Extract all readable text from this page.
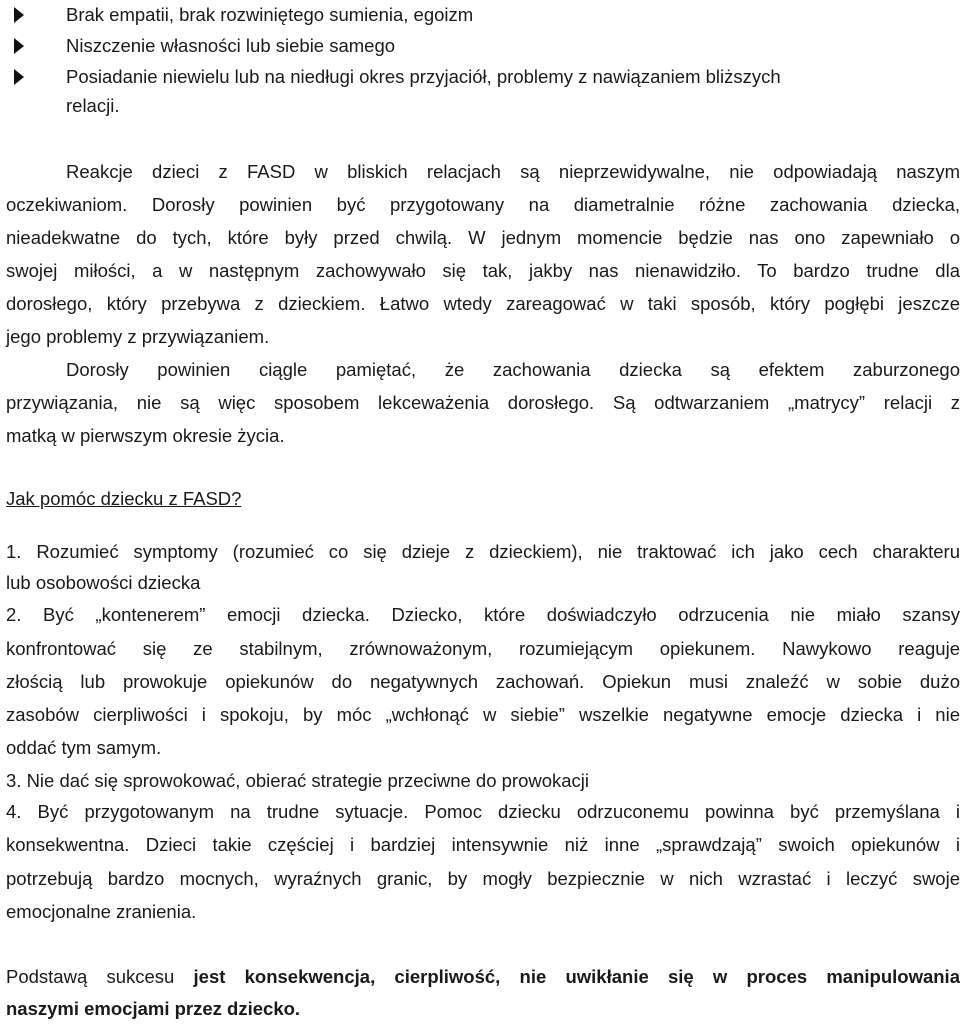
Brak empatii, brak rozwiniętego sumienia, egoizm
Niszczenie własności lub siebie samego
Posiadanie niewielu lub na niedługi okres przyjaciół, problemy z nawiązaniem bliższych
relacji.
Reakcje dzieci z FASD w bliskich relacjach są nieprzewidywalne, nie odpowiadają naszym
oczekiwaniom. Dorosły powinien być przygotowany na diametralnie różne zachowania dziecka,
nieadekwatne do tych, które były przed chwilą. W jednym momencie będzie nas ono zapewniało o
swojej miłości, a w następnym zachowywało się tak, jakby nas nienawidziło. To bardzo trudne dla
dorosłego, który przebywa z dzieckiem. Łatwo wtedy zareagować w taki sposób, który pogłębi jeszcze
jego problemy z przywiązaniem.
Dorosły powinien ciągle pamiętać, że zachowania dziecka są efektem zaburzonego
przywiązania, nie są więc sposobem lekceważenia dorosłego. Są odtwarzaniem „matrycy” relacji z
matką w pierwszym okresie życia.
Jak pomóc dziecku z FASD?
1. Rozumieć symptomy (rozumieć co się dzieje z dzieckiem), nie traktować ich jako cech charakteru
lub osobowości dziecka
2. Być „kontenerem” emocji dziecka. Dziecko, które doświadczyło odrzucenia nie miało szansy
konfrontować się ze stabilnym, zrównoważonym, rozumiejącym opiekunem. Nawykowo reaguje
złością lub prowokuje opiekunów do negatywnych zachowań. Opiekun musi znaleźć w sobie dużo
zasobów cierpliwości i spokoju, by móc „wchłonąć w siebie” wszelkie negatywne emocje dziecka i nie
oddać tym samym.
3. Nie dać się sprowokować, obierać strategie przeciwne do prowokacji
4. Być przygotowanym na trudne sytuacje. Pomoc dziecku odrzuconemu powinna być przemyślana i
konsekwentna. Dzieci takie częściej i bardziej intensywnie niż inne „sprawdzają” swoich opiekunów i
potrzebują bardzo mocnych, wyraźnych granic, by mogły bezpiecznie w nich wzrastać i leczyć swoje
emocjonalne zranienia.
Podstawą sukcesu jest konsekwencja, cierpliwość, nie uwikłanie się w proces manipulowania
naszymi emocjami przez dziecko.
